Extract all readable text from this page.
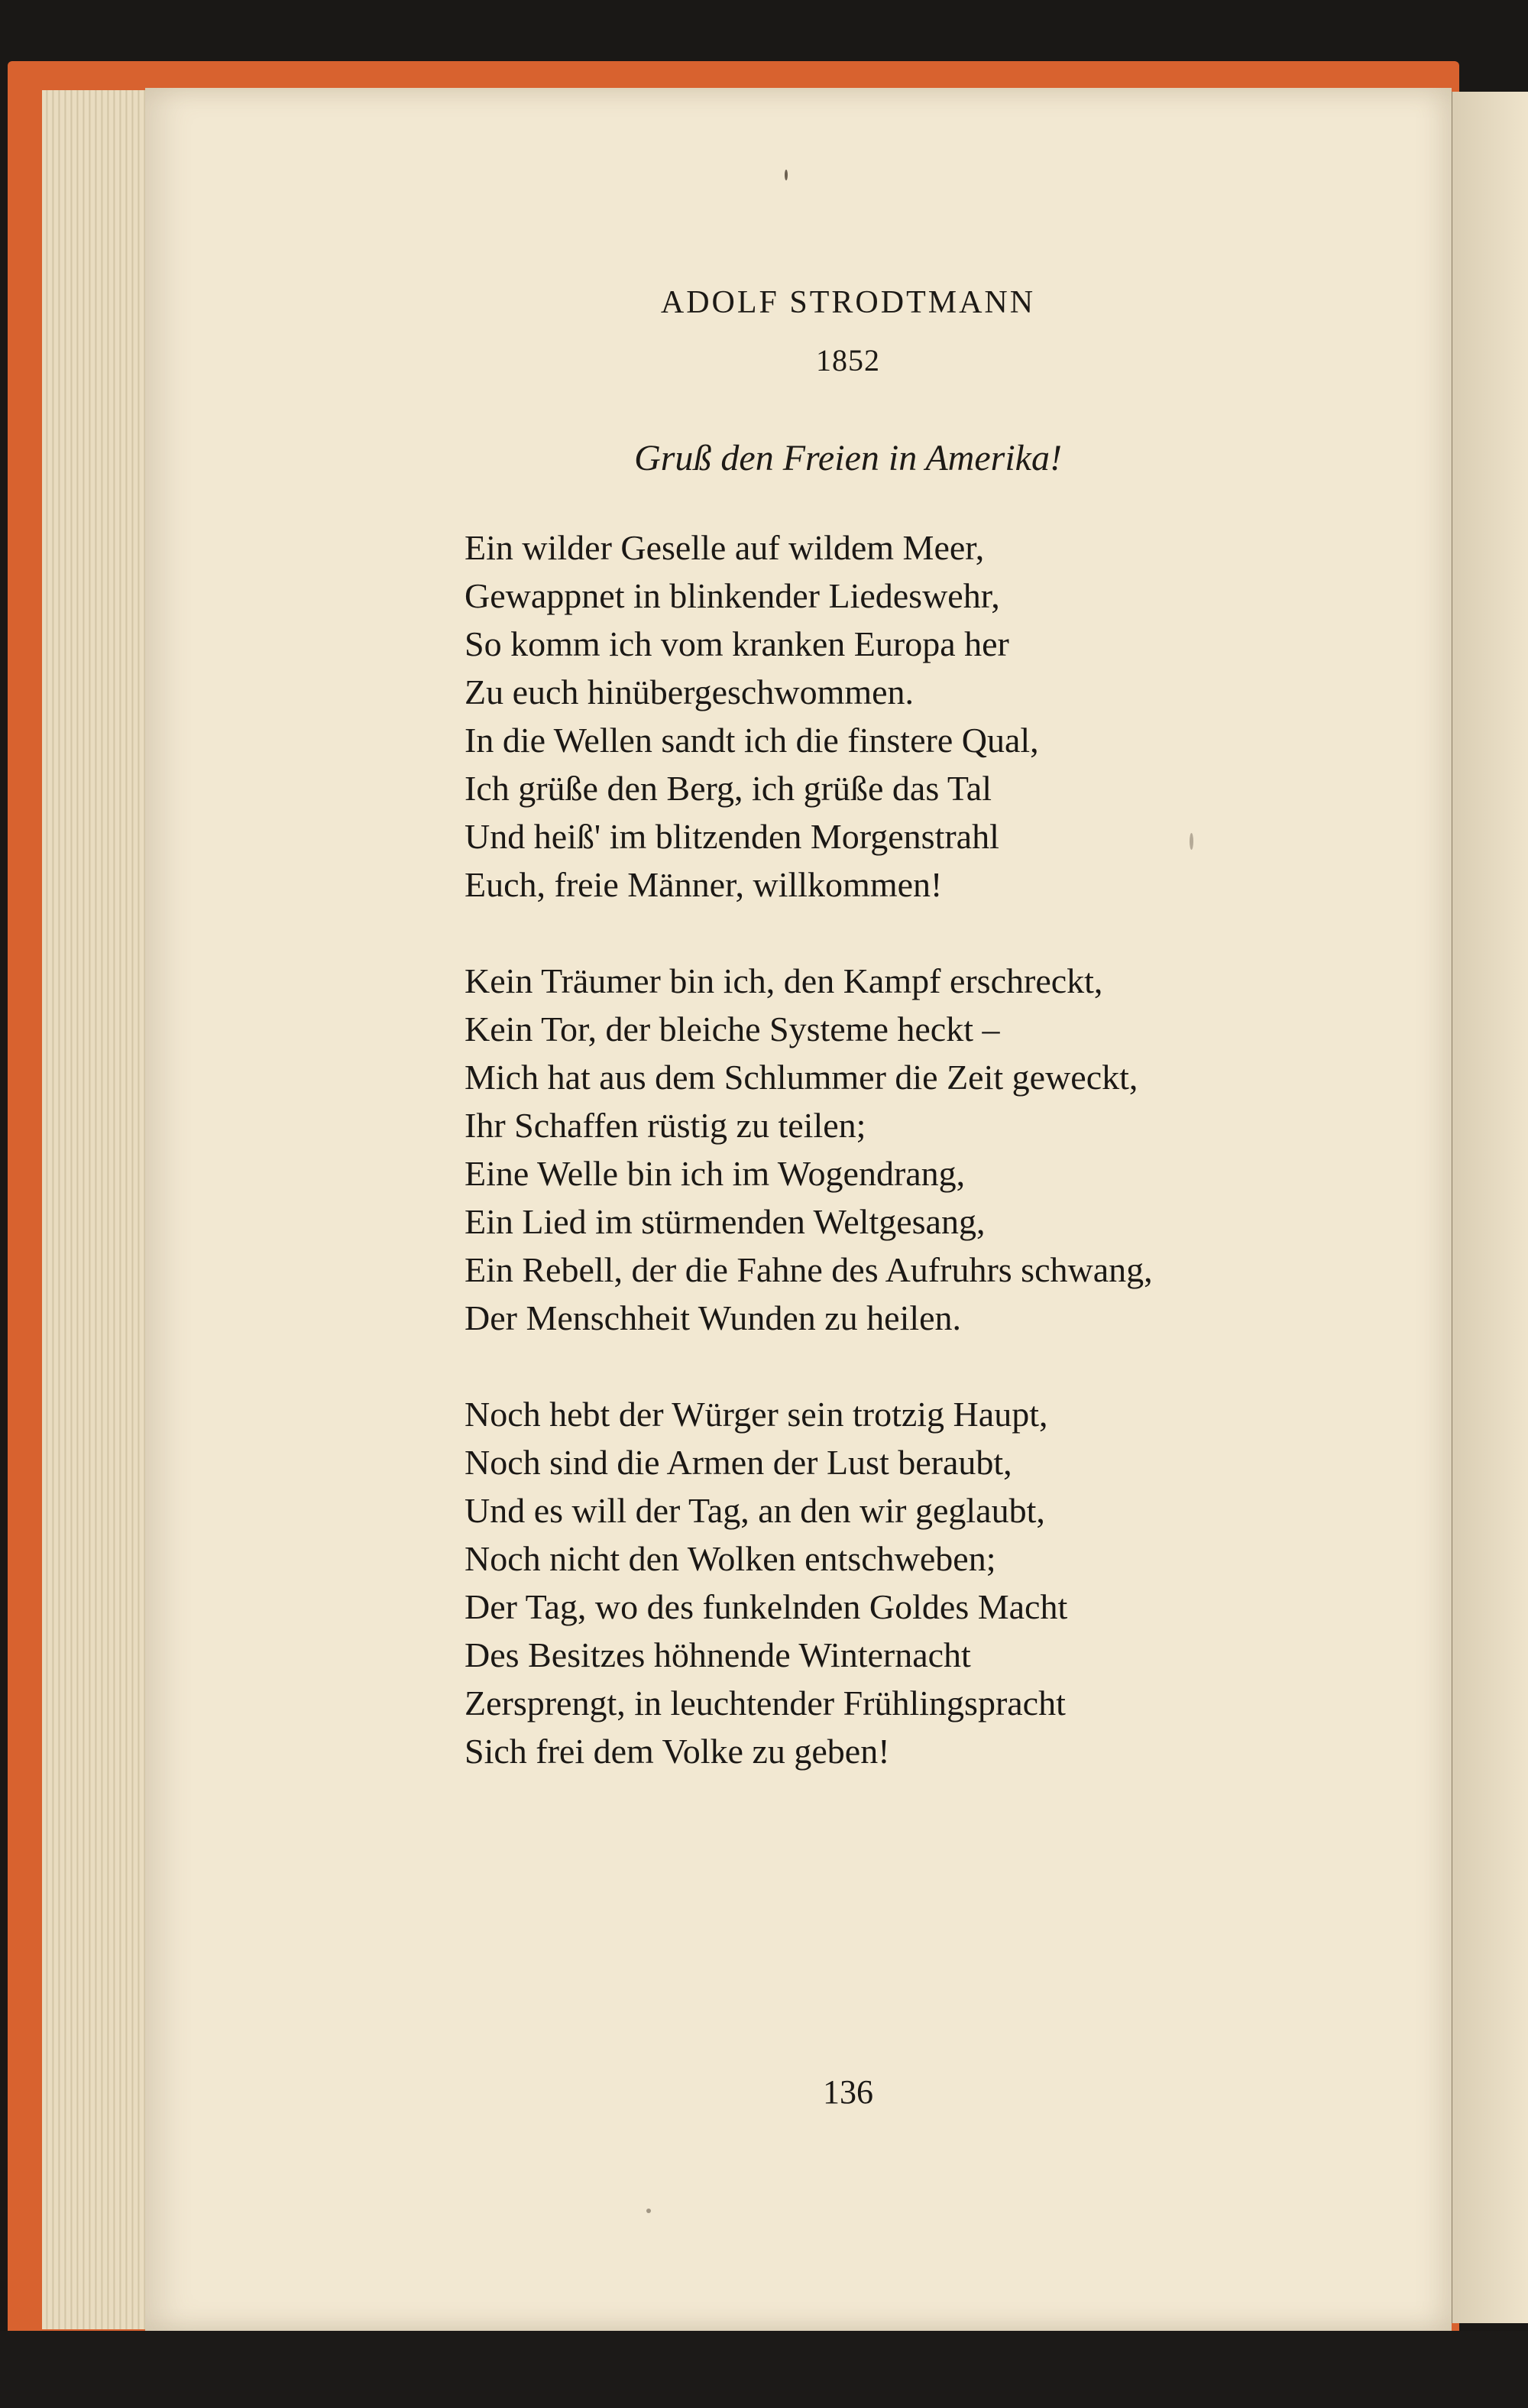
ADOLF STRODTMANN
1852
Gruß den Freien in Amerika!
Ein wilder Geselle auf wildem Meer,
Gewappnet in blinkender Liedeswehr,
So komm ich vom kranken Europa her
Zu euch hinübergeschwommen.
In die Wellen sandt ich die finstere Qual,
Ich grüße den Berg, ich grüße das Tal
Und heiß' im blitzenden Morgenstrahl
Euch, freie Männer, willkommen!
Kein Träumer bin ich, den Kampf erschreckt,
Kein Tor, der bleiche Systeme heckt –
Mich hat aus dem Schlummer die Zeit geweckt,
Ihr Schaffen rüstig zu teilen;
Eine Welle bin ich im Wogendrang,
Ein Lied im stürmenden Weltgesang,
Ein Rebell, der die Fahne des Aufruhrs schwang,
Der Menschheit Wunden zu heilen.
Noch hebt der Würger sein trotzig Haupt,
Noch sind die Armen der Lust beraubt,
Und es will der Tag, an den wir geglaubt,
Noch nicht den Wolken entschweben;
Der Tag, wo des funkelnden Goldes Macht
Des Besitzes höhnende Winternacht
Zersprengt, in leuchtender Frühlingspracht
Sich frei dem Volke zu geben!
136
